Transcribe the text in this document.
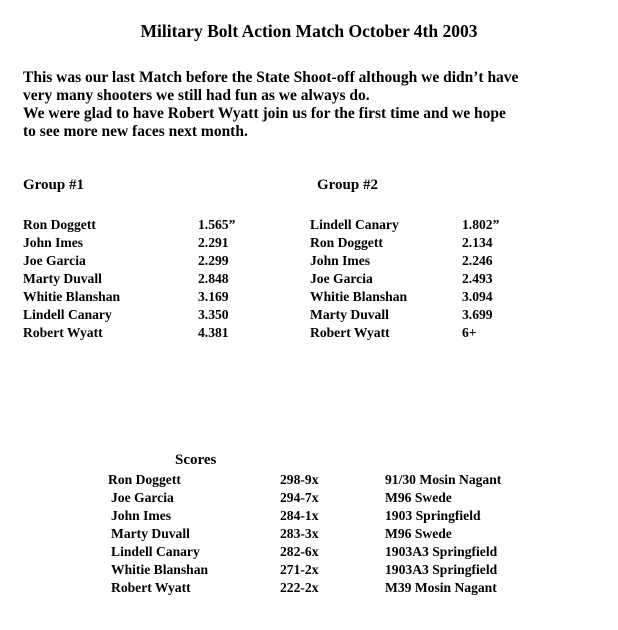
Military Bolt Action Match October 4th 2003
This was our last Match before the State Shoot-off although we didn’t have
very many shooters we still had fun as we always do.
We were glad to have Robert Wyatt join us for the first time and we hope
to see more new faces next month.
Group #1
Ron Doggett	1.565”
John Imes	2.291
Joe Garcia	2.299
Marty Duvall	2.848
Whitie Blanshan	3.169
Lindell Canary	3.350
Robert Wyatt	4.381
Group #2
Lindell Canary	1.802”
Ron Doggett	2.134
John Imes	2.246
Joe Garcia	2.493
Whitie Blanshan	3.094
Marty Duvall	3.699
Robert Wyatt	6+
Scores
Ron Doggett	298-9x	91/30 Mosin Nagant
Joe Garcia	294-7x	M96 Swede
John Imes	284-1x	1903 Springfield
Marty Duvall	283-3x	M96 Swede
Lindell Canary	282-6x	1903A3 Springfield
Whitie Blanshan	271-2x	1903A3 Springfield
Robert Wyatt	222-2x	M39 Mosin Nagant
